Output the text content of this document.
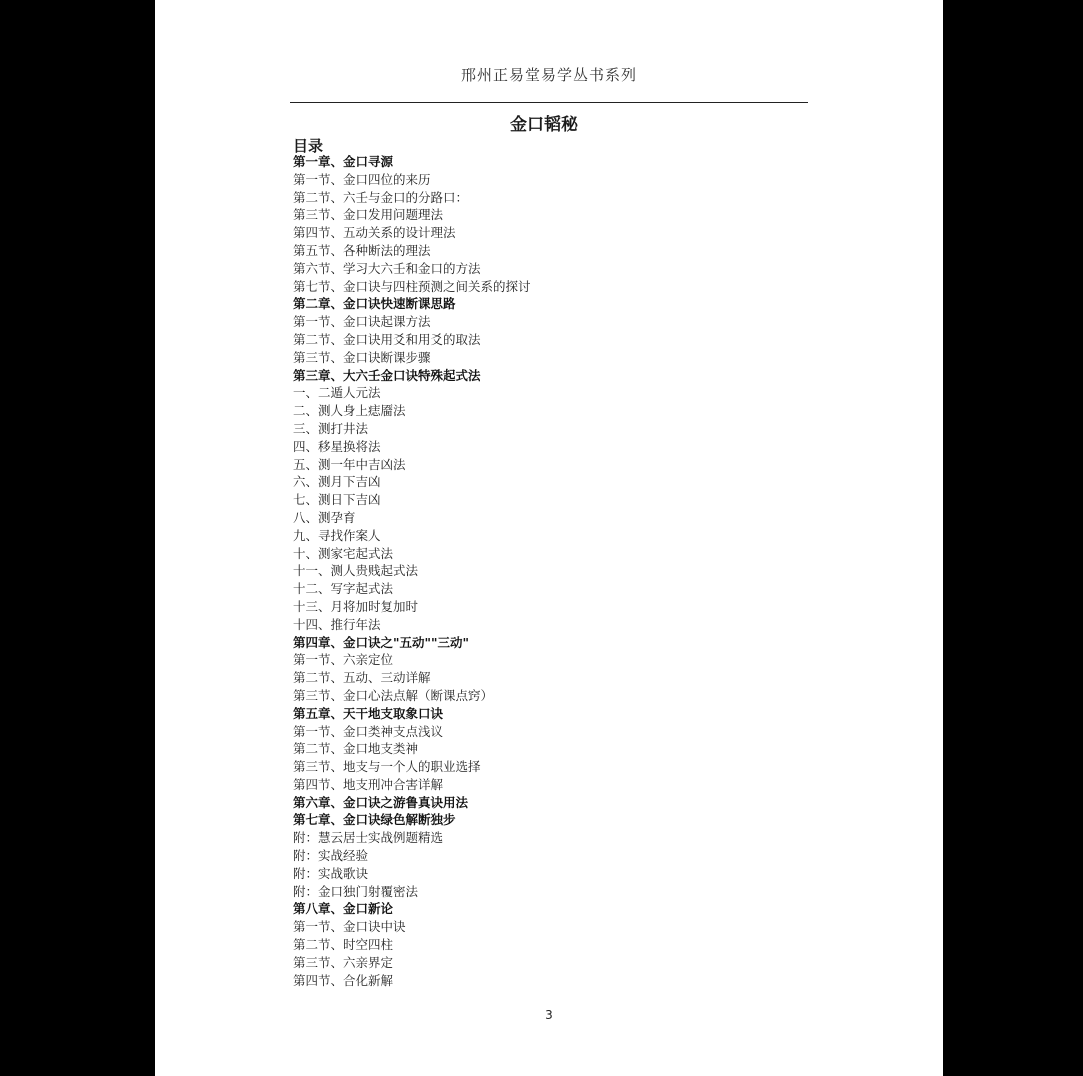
邢州正易堂易学丛书系列
金口韬秘
目录
第一章、金口寻源
第一节、金口四位的来历
第二节、六壬与金口的分路口：
第三节、金口发用问题理法
第四节、五动关系的设计理法
第五节、各种断法的理法
第六节、学习大六壬和金口的方法
第七节、金口诀与四柱预测之间关系的探讨
第二章、金口诀快速断课思路
第一节、金口诀起课方法
第二节、金口诀用爻和用爻的取法
第三节、金口诀断课步骤
第三章、大六壬金口诀特殊起式法
一、二遁人元法
二、测人身上痣靥法
三、测打井法
四、移星换将法
五、测一年中吉凶法
六、测月下吉凶
七、测日下吉凶
八、测孕育
九、寻找作案人
十、测家宅起式法
十一、测人贵贱起式法
十二、写字起式法
十三、月将加时复加时
十四、推行年法
第四章、金口诀之"五动""三动"
第一节、六亲定位
第二节、五动、三动详解
第三节、金口心法点解（断课点窍）
第五章、天干地支取象口诀
第一节、金口类神支点浅议
第二节、金口地支类神
第三节、地支与一个人的职业选择
第四节、地支刑冲合害详解
第六章、金口诀之游鲁真诀用法
第七章、金口诀绿色解断独步
附：慧云居士实战例题精选
附：实战经验
附：实战歌诀
附：金口独门射覆密法
第八章、金口新论
第一节、金口诀中诀
第二节、时空四柱
第三节、六亲界定
第四节、合化新解
3
